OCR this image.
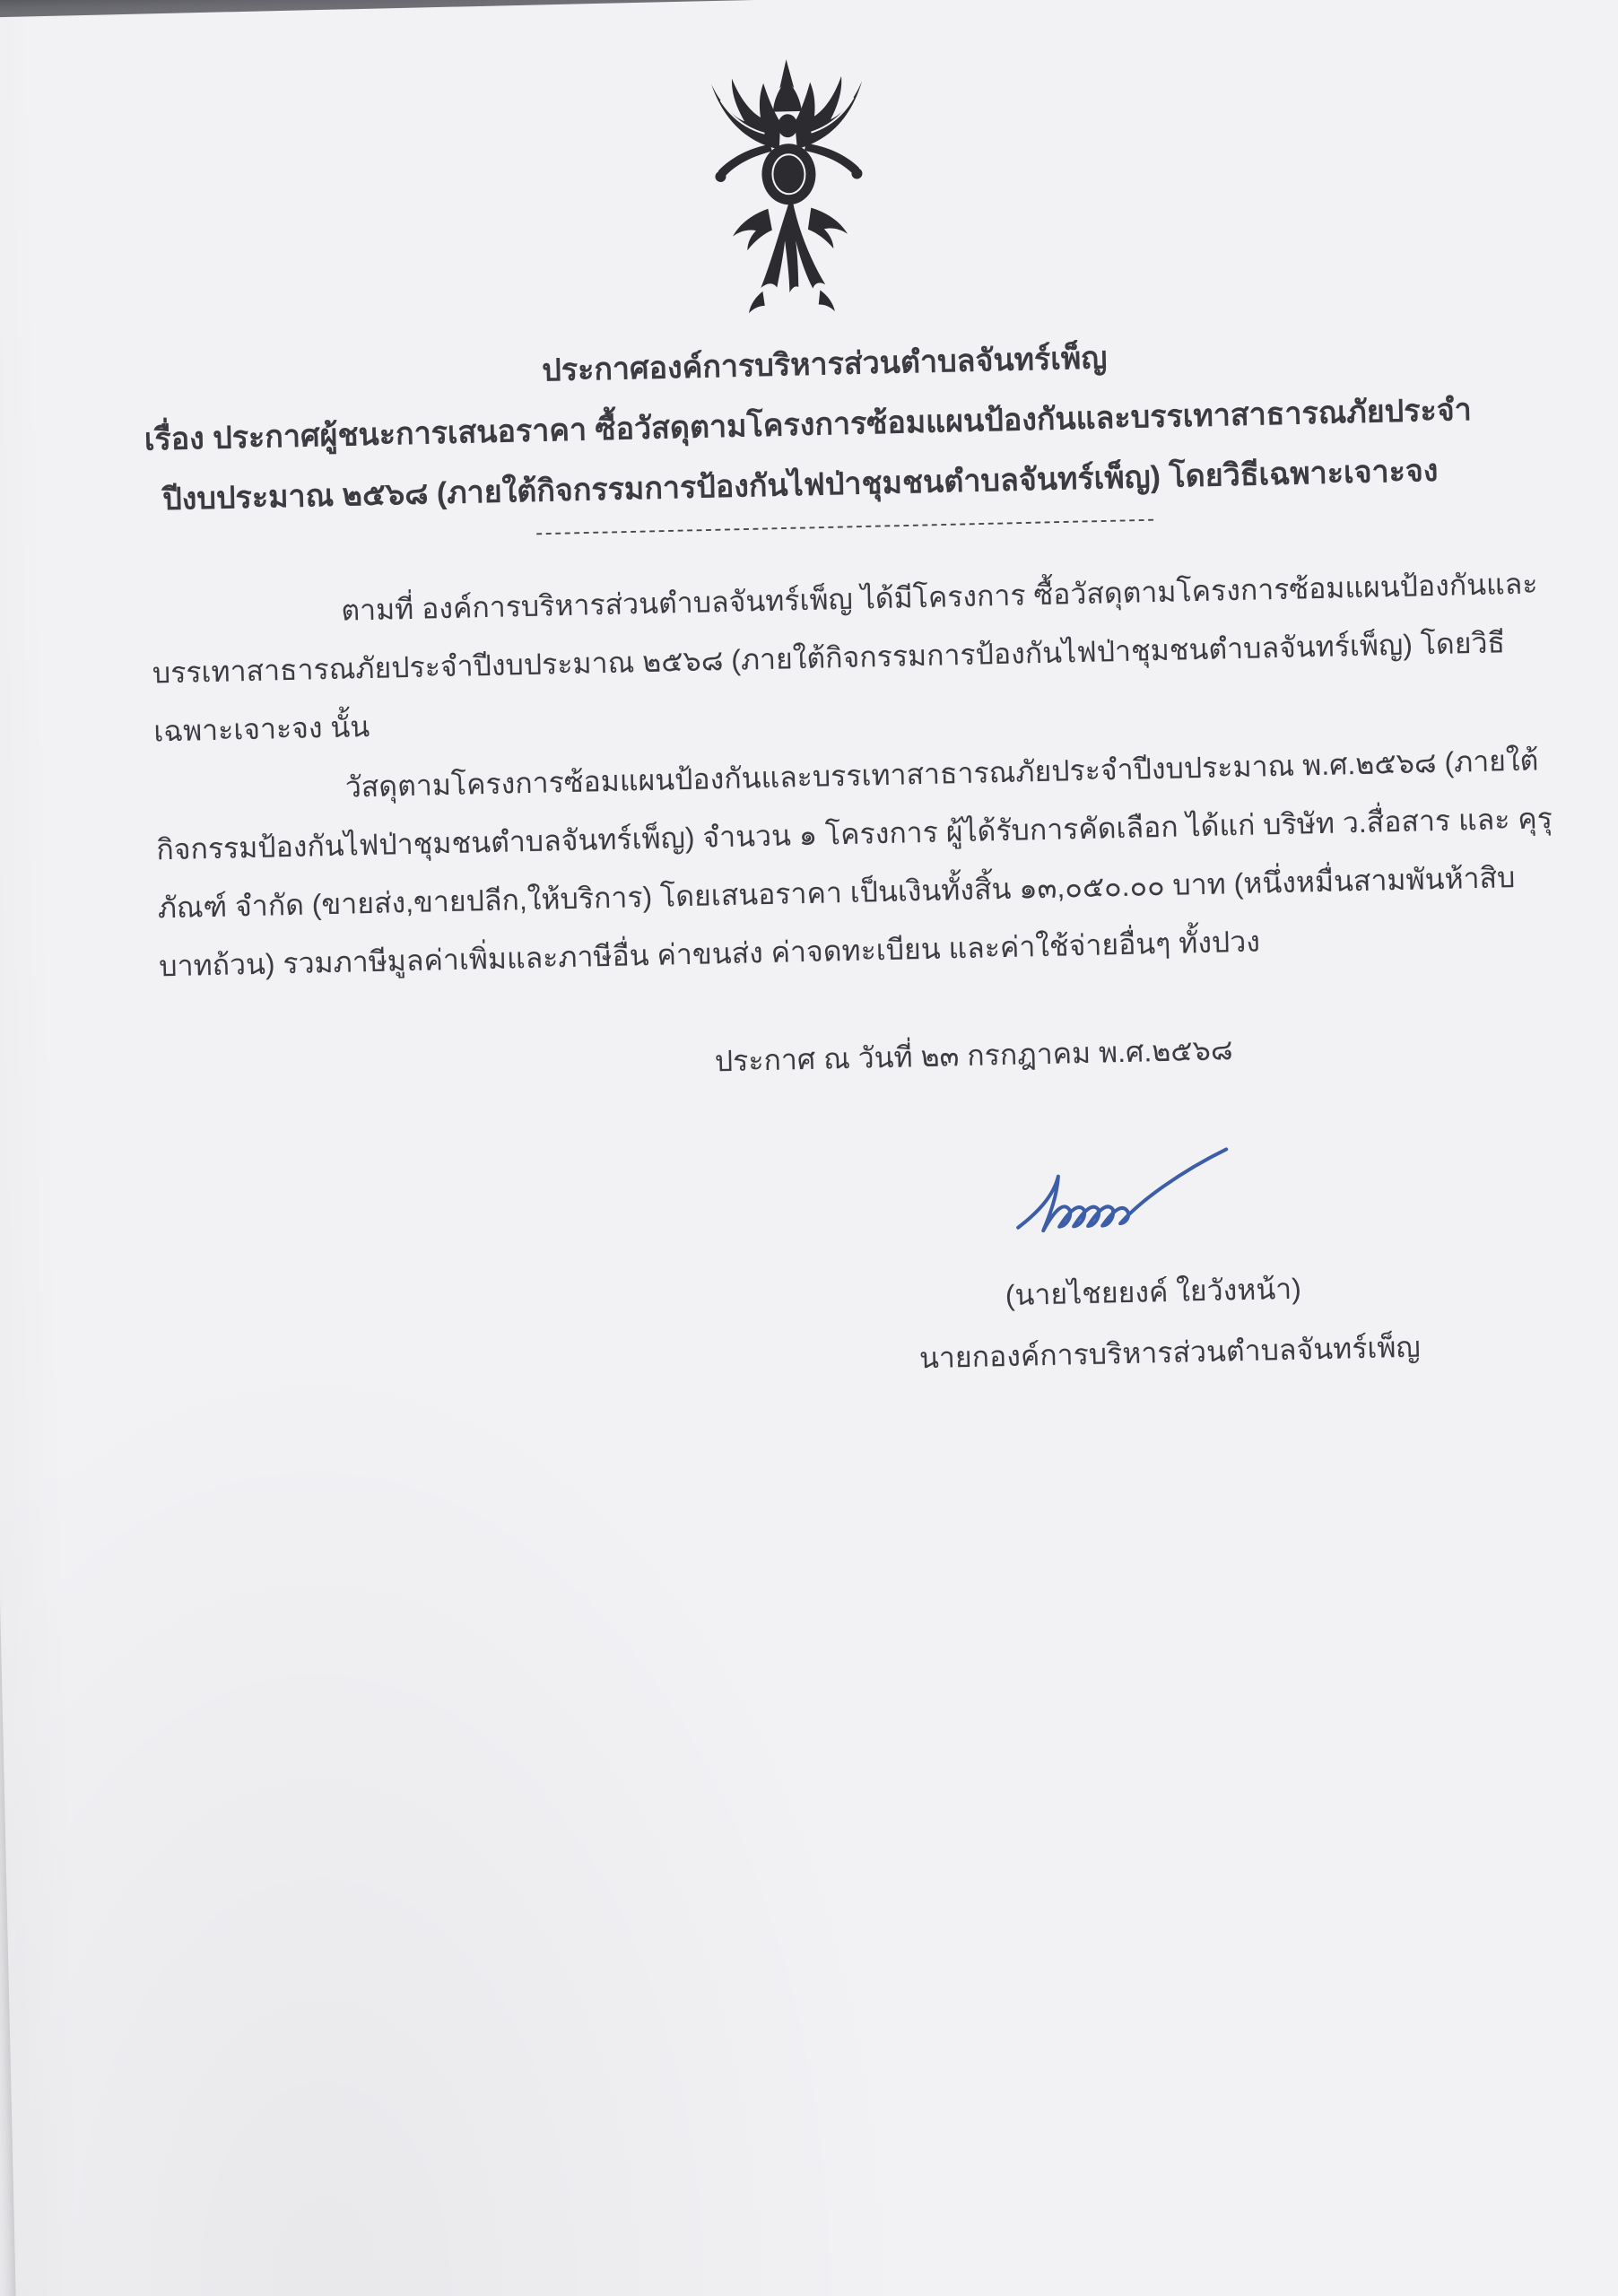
ประกาศองค์การบริหารส่วนตำบลจันทร์เพ็ญ
เรื่อง ประกาศผู้ชนะการเสนอราคา ซื้อวัสดุตามโครงการซ้อมแผนป้องกันและบรรเทาสาธารณภัยประจำ
ปีงบประมาณ ๒๕๖๘ (ภายใต้กิจกรรมการป้องกันไฟป่าชุมชนตำบลจันทร์เพ็ญ) โดยวิธีเฉพาะเจาะจง
------------------------------------------------------------------
ตามที่ องค์การบริหารส่วนตำบลจันทร์เพ็ญ ได้มีโครงการ ซื้อวัสดุตามโครงการซ้อมแผนป้องกันและ
บรรเทาสาธารณภัยประจำปีงบประมาณ ๒๕๖๘ (ภายใต้กิจกรรมการป้องกันไฟป่าชุมชนตำบลจันทร์เพ็ญ) โดยวิธี
เฉพาะเจาะจง นั้น
วัสดุตามโครงการซ้อมแผนป้องกันและบรรเทาสาธารณภัยประจำปีงบประมาณ พ.ศ.๒๕๖๘ (ภายใต้
กิจกรรมป้องกันไฟป่าชุมชนตำบลจันทร์เพ็ญ) จำนวน ๑ โครงการ ผู้ได้รับการคัดเลือก ได้แก่ บริษัท ว.สื่อสาร และ คุรุ
ภัณฑ์ จำกัด (ขายส่ง,ขายปลีก,ให้บริการ) โดยเสนอราคา เป็นเงินทั้งสิ้น ๑๓,๐๕๐.๐๐ บาท (หนึ่งหมื่นสามพันห้าสิบ
บาทถ้วน) รวมภาษีมูลค่าเพิ่มและภาษีอื่น ค่าขนส่ง ค่าจดทะเบียน และค่าใช้จ่ายอื่นๆ ทั้งปวง
ประกาศ ณ วันที่ ๒๓ กรกฎาคม พ.ศ.๒๕๖๘
(นายไชยยงค์ ใยวังหน้า)
นายกองค์การบริหารส่วนตำบลจันทร์เพ็ญ
